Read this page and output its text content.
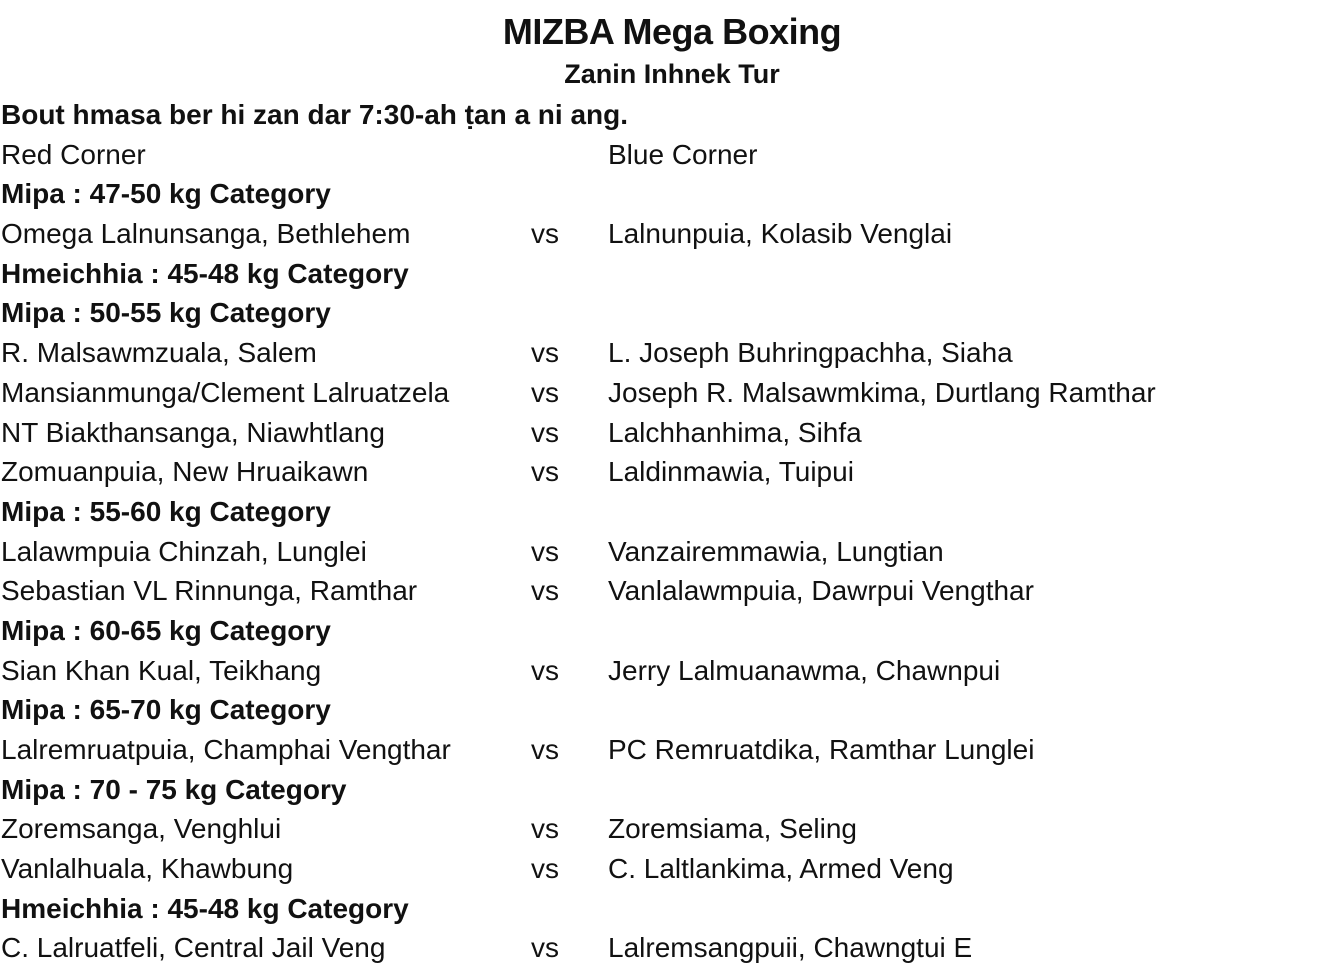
MIZBA Mega Boxing
Zanin Inhnek Tur
Bout hmasa ber hi zan dar 7:30-ah ṭan a ni ang.
Red Corner	Blue Corner
Mipa : 47-50 kg Category
Omega Lalnunsanga, Bethlehem	vs Lalnunpuia, Kolasib Venglai
Hmeichhia : 45-48 kg Category
Mipa : 50-55 kg Category
R. Malsawmzuala, Salem	vs L. Joseph Buhringpachha, Siaha
Mansianmunga/Clement Lalruatzela	vs Joseph R. Malsawmkima, Durtlang Ramthar
NT Biakthansanga, Niawhtlang	vs Lalchhanhima, Sihfa
Zomuanpuia, New Hruaikawn	vs Laldinmawia, Tuipui
Mipa : 55-60 kg Category
Lalawmpuia Chinzah, Lunglei	vs Vanzairemmawia, Lungtian
Sebastian VL Rinnunga, Ramthar	vs Vanlalawmpuia, Dawrpui Vengthar
Mipa : 60-65 kg Category
Sian Khan Kual, Teikhang	vs Jerry Lalmuanawma, Chawnpui
Mipa : 65-70 kg Category
Lalremruatpuia, Champhai Vengthar	vs PC Remruatdika, Ramthar Lunglei
Mipa : 70 - 75 kg Category
Zoremsanga, Venghlui	vs Zoremsiama, Seling
Vanlalhuala, Khawbung	vs C. Laltlankima, Armed Veng
Hmeichhia : 45-48 kg Category
C. Lalruatfeli, Central Jail Veng	vs Lalremsangpuii, Chawngtui E
